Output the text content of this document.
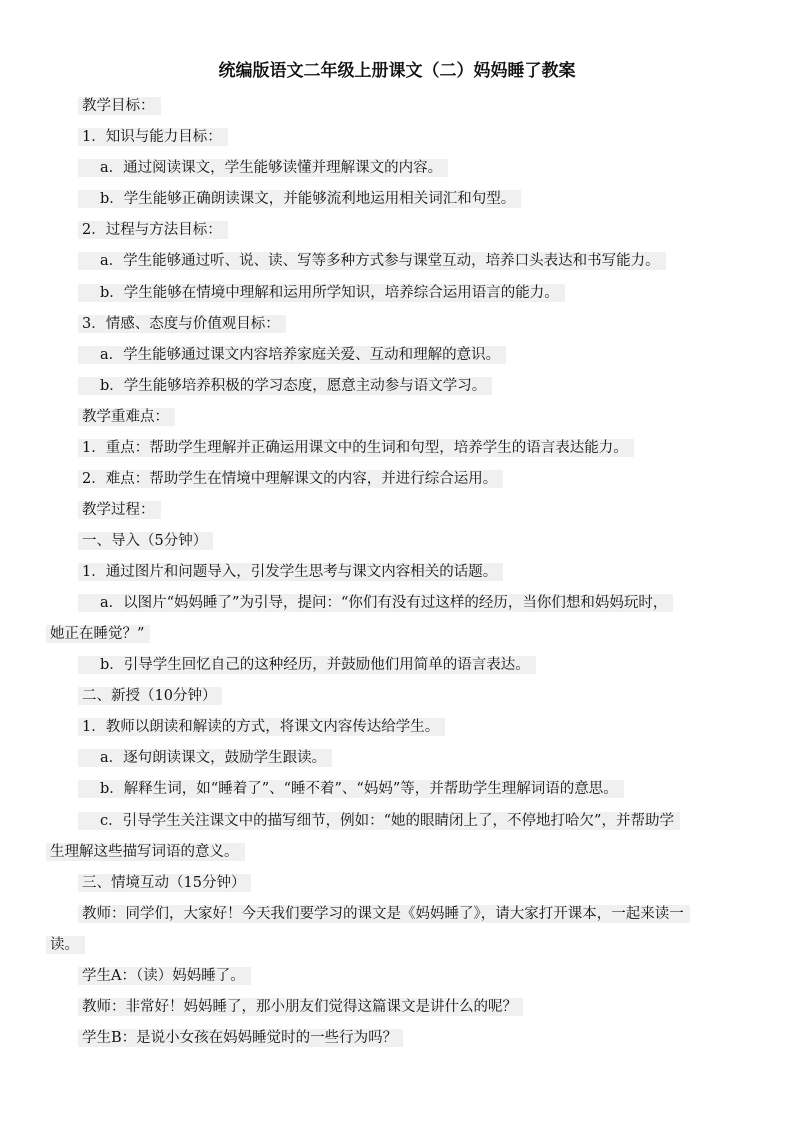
统编版语文二年级上册课文（二）妈妈睡了教案
教学目标：
1．知识与能力目标：
a．通过阅读课文，学生能够读懂并理解课文的内容。
b．学生能够正确朗读课文，并能够流利地运用相关词汇和句型。
2．过程与方法目标：
a．学生能够通过听、说、读、写等多种方式参与课堂互动，培养口头表达和书写能力。
b．学生能够在情境中理解和运用所学知识，培养综合运用语言的能力。
3．情感、态度与价值观目标：
a．学生能够通过课文内容培养家庭关爱、互动和理解的意识。
b．学生能够培养积极的学习态度，愿意主动参与语文学习。
教学重难点：
1．重点：帮助学生理解并正确运用课文中的生词和句型，培养学生的语言表达能力。
2．难点：帮助学生在情境中理解课文的内容，并进行综合运用。
教学过程：
一、导入（5分钟）
1．通过图片和问题导入，引发学生思考与课文内容相关的话题。
a．以图片“妈妈睡了”为引导，提问：“你们有没有过这样的经历，当你们想和妈妈玩时，
她正在睡觉？”
b．引导学生回忆自己的这种经历，并鼓励他们用简单的语言表达。
二、新授（10分钟）
1．教师以朗读和解读的方式，将课文内容传达给学生。
a．逐句朗读课文，鼓励学生跟读。
b．解释生词，如“睡着了”、“睡不着”、“妈妈”等，并帮助学生理解词语的意思。
c．引导学生关注课文中的描写细节，例如：“她的眼睛闭上了，不停地打哈欠”，并帮助学
生理解这些描写词语的意义。
三、情境互动（15分钟）
教师：同学们，大家好！今天我们要学习的课文是《妈妈睡了》，请大家打开课本，一起来读一
读。
学生A：（读）妈妈睡了。
教师：非常好！妈妈睡了，那小朋友们觉得这篇课文是讲什么的呢？
学生B：是说小女孩在妈妈睡觉时的一些行为吗？
